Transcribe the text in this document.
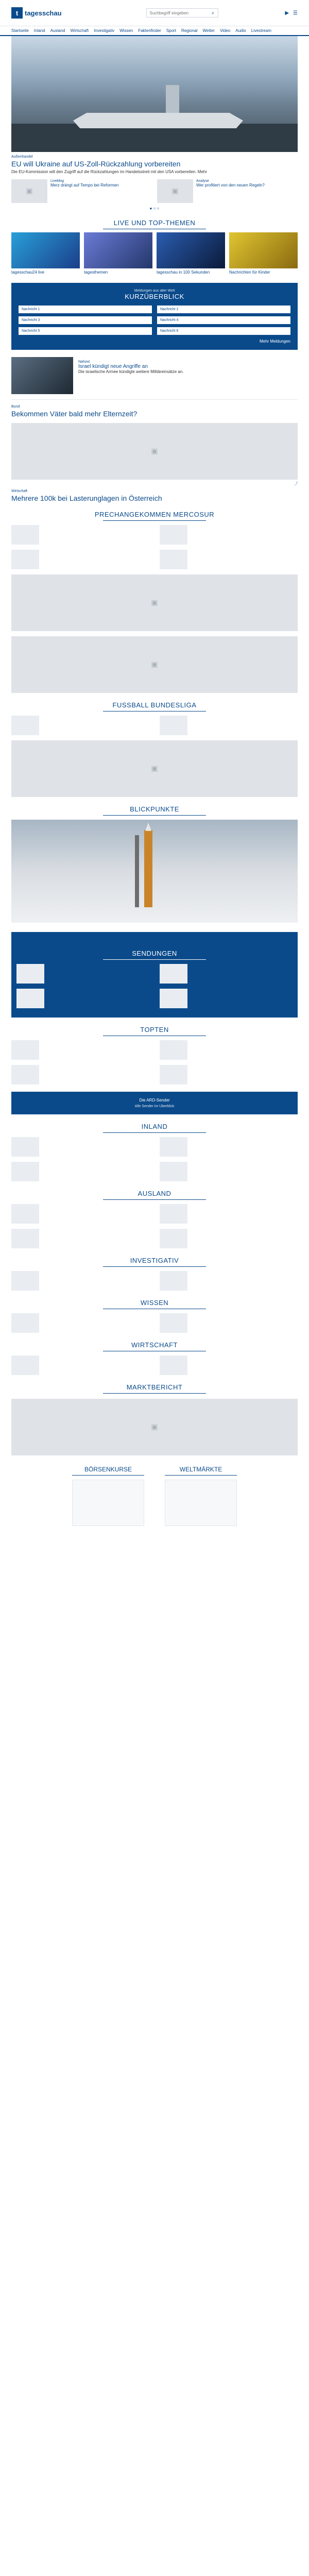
t tagesschau
Suchbegriff eingeben	⌕	▶ ☰
Startseite Inland Ausland Wirtschaft Investigativ Wissen Faktenfinder Sport Regional Wetter Video Audio Livestream
Außenhandel
EU will Ukraine auf US-Zoll-Rückzahlung vorbereiten
Die EU-Kommission will den Zugriff auf die Rückzahlungen im Handelsstreit mit den USA vorbereiten. Mehr
▣
Liveblog
Merz drängt auf Tempo bei Reformen
▣
Analyse
Wer profitiert von den neuen Regeln?
● ○ ○
LIVE UND TOP-THEMEN
tagesschau24 live	tagesthemen	tagesschau in 100 Sekunden	Nachrichten für Kinder
Meldungen aus aller Welt
KURZÜBERBLICK
Nachricht 1	Nachricht 2
Nachricht 3	Nachricht 4
Nachricht 5	Nachricht 6
Mehr Meldungen
Nahost
Israel kündigt neue Angriffe an
Die israelische Armee kündigte weitere Militäreinsätze an.
Bund
Bekommen Väter bald mehr Elternzeit?
▣
⤴
Wirtschaft
Mehrere 100k bei Lasterunglagen in Österreich
PRECHANGEKOMMEN MERCOSUR
▣
▣
FUSSBALL BUNDESLIGA
▣
BLICKPUNKTE
SENDUNGEN
TOPTEN
Die ARD-Sender
Alle Sender im Überblick
INLAND
AUSLAND
INVESTIGATIV
WISSEN
WIRTSCHAFT
MARKTBERICHT
▣
BÖRSENKURSE	WELTMÄRKTE
